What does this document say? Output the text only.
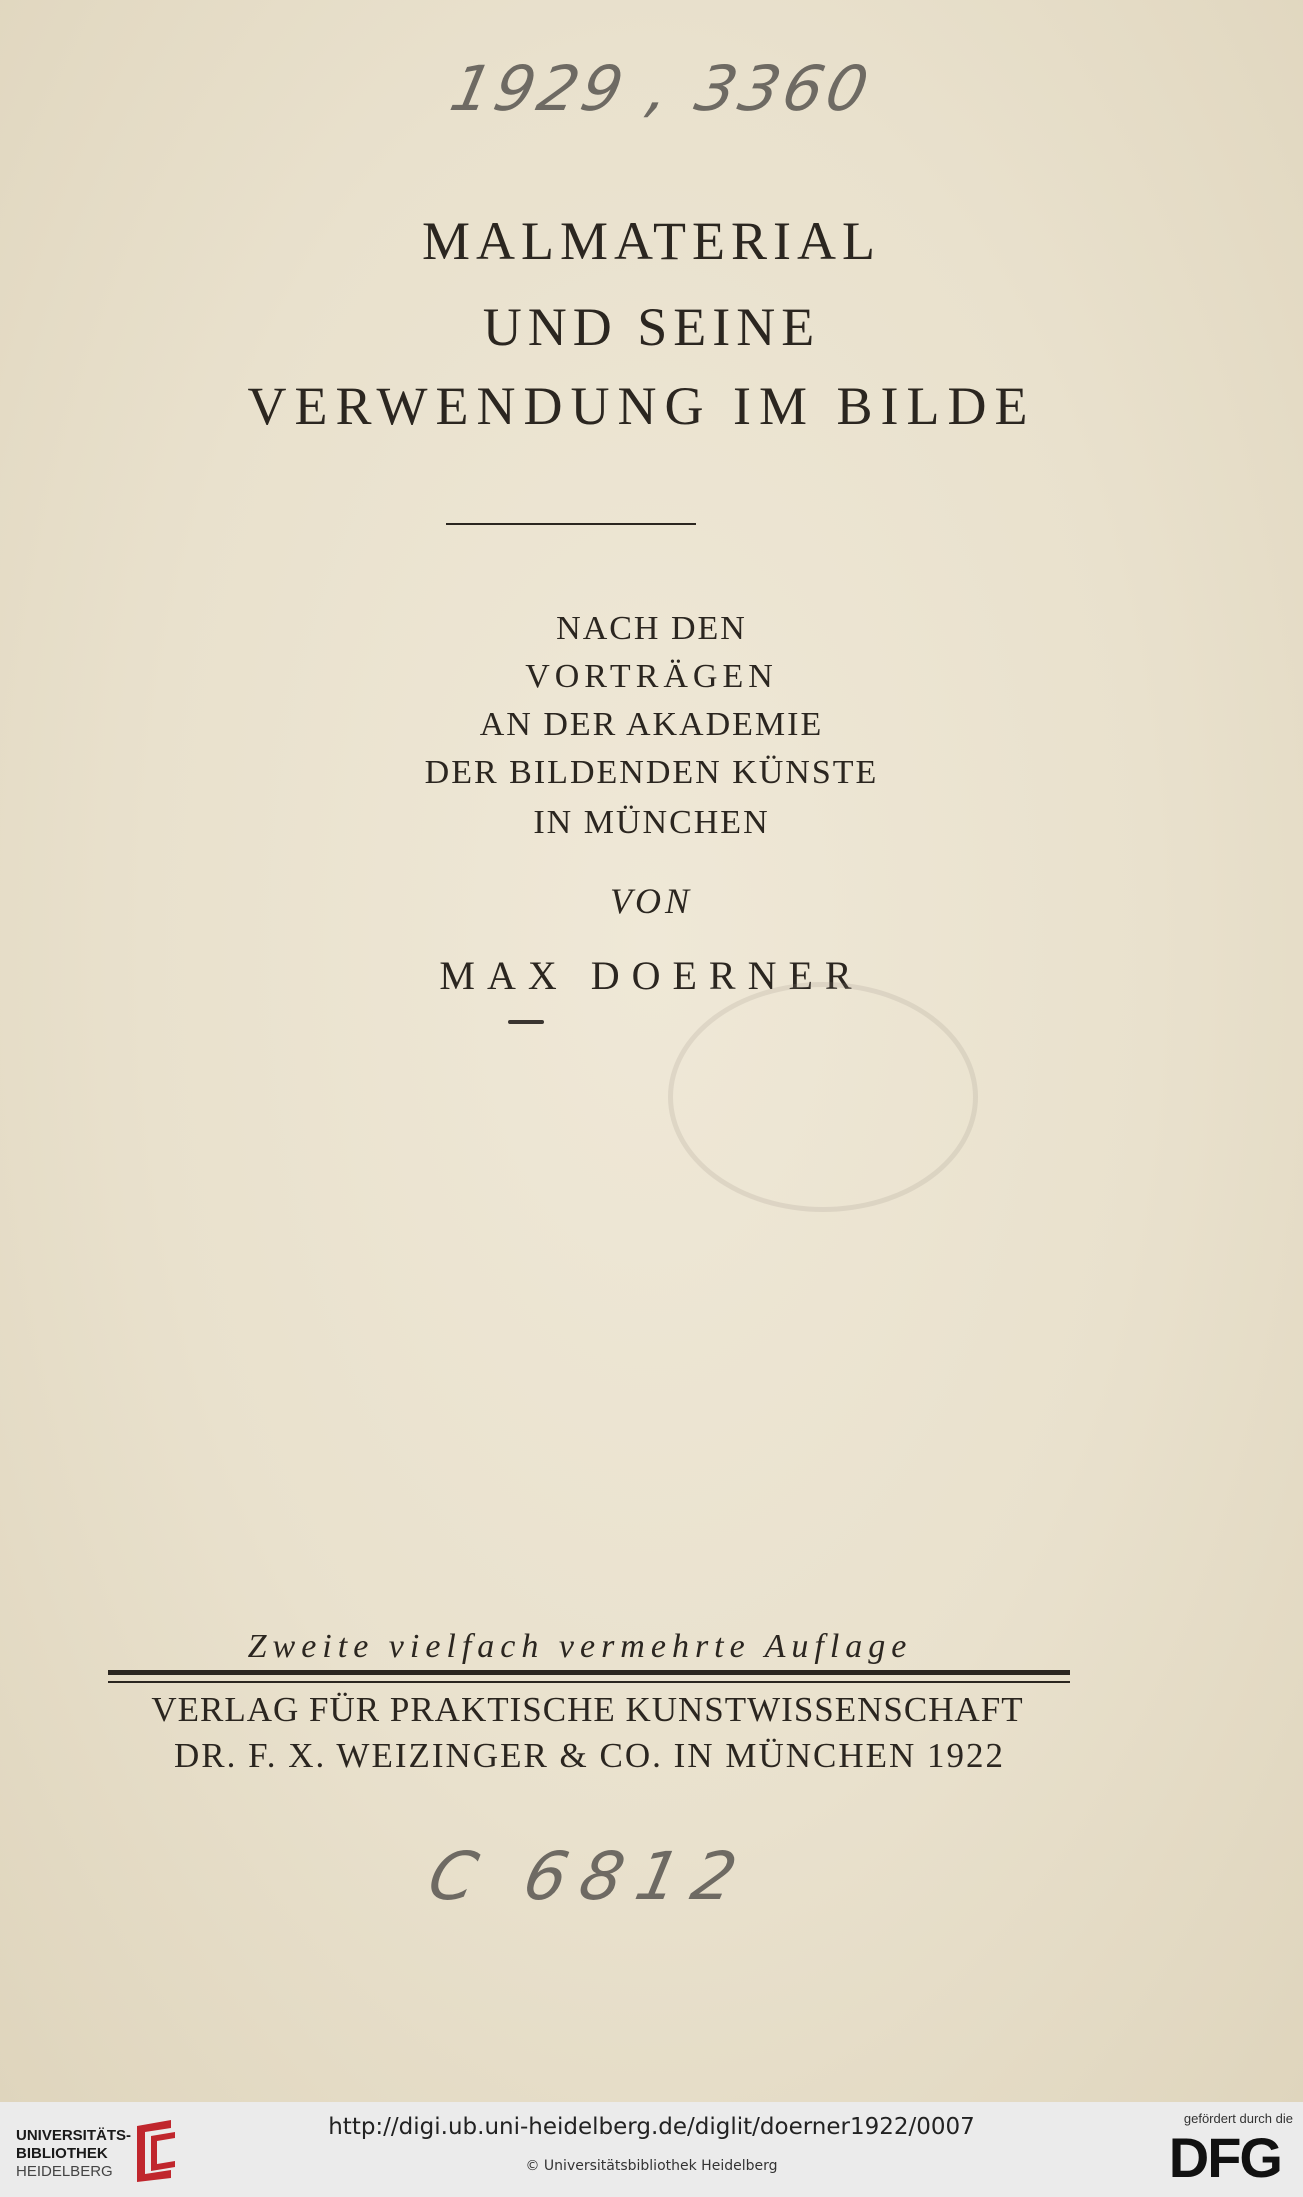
1929 , 3360
MALMATERIAL
UND SEINE
VERWENDUNG IM BILDE
NACH DEN
VORTRÄGEN
AN DER AKADEMIE
DER BILDENDEN KÜNSTE
IN MÜNCHEN
VON
MAX DOERNER
Zweite vielfach vermehrte Auflage
VERLAG FÜR PRAKTISCHE KUNSTWISSENSCHAFT
DR. F. X. WEIZINGER & CO. IN MÜNCHEN 1922
C 6812
UNIVERSITÄTS-
BIBLIOTHEK
HEIDELBERG
http://digi.ub.uni-heidelberg.de/diglit/doerner1922/0007
© Universitätsbibliothek Heidelberg
gefördert durch die
DFG
